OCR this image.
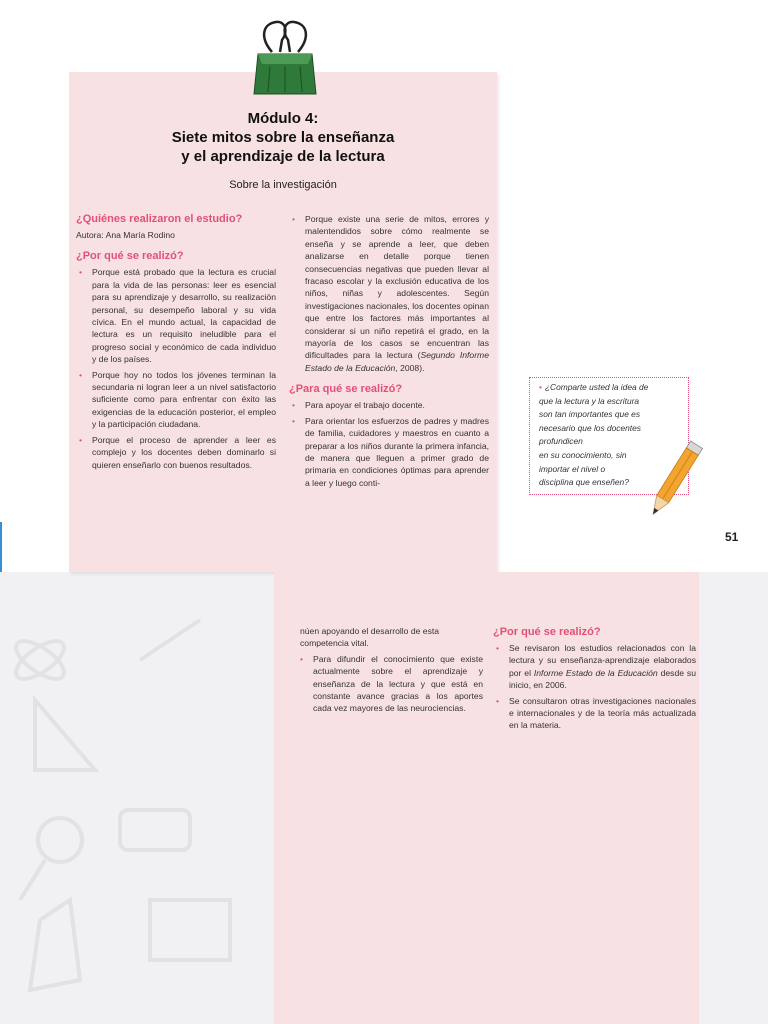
Módulo 4:
Siete mitos sobre la enseñanza
y el aprendizaje de la lectura
Sobre la investigación
¿Quiénes realizaron el estudio?

Autora: Ana María Rodino

¿Por qué se realizó?
• Porque está probado que la lectura es crucial para la vida de las personas: leer es esencial para su aprendizaje y desarrollo, su realización personal, su desempeño laboral y su vida cívica. En el mundo actual, la capacidad de lectura es un requisito ineludible para el progreso social y económico de cada individuo y de los países.
• Porque hoy no todos los jóvenes terminan la secundaria ni logran leer a un nivel satisfactorio suficiente como para enfrentar con éxito las exigencias de la educación posterior, el empleo y la participación ciudadana.
• Porque el proceso de aprender a leer es complejo y los docentes deben dominarlo si quieren enseñarlo con buenos resultados.
• Porque existe una serie de mitos, errores y malentendidos sobre cómo realmente se enseña y se aprende a leer, que deben analizarse en detalle porque tienen consecuencias negativas que pueden llevar al fracaso escolar y la exclusión educativa de los niños, niñas y adolescentes. Según investigaciones nacionales, los docentes opinan que entre los factores más importantes al considerar si un niño repetirá el grado, en la mayoría de los casos se encuentran las dificultades para la lectura (Segundo Informe Estado de la Educación, 2008).
¿Para qué se realizó?
• Para apoyar el trabajo docente.
• Para orientar los esfuerzos de padres y madres de familia, cuidadores y maestros en cuanto a preparar a los niños durante la primera infancia, de manera que lleguen a primer grado de primaria en condiciones óptimas para aprender a leer y luego conti-
• ¿Comparte usted la idea de
que la lectura y la escritura
son tan importantes que es
necesario que los docentes
profundicen
en su conocimiento, sin
importar el nivel o
disciplina que enseñen?
51

núen apoyando el desarrollo de esta competencia vital.

• Para difundir el conocimiento que existe actualmente sobre el aprendizaje y enseñanza de la lectura y que está en constante avance gracias a los aportes cada vez mayores de las neurociencias.
¿Por qué se realizó?
• Se revisaron los estudios relacionados con la lectura y su enseñanza-aprendizaje elaborados por el Informe Estado de la Educación desde su inicio, en 2006.
• Se consultaron otras investigaciones nacionales e internacionales y de la teoría más actualizada en la materia.
